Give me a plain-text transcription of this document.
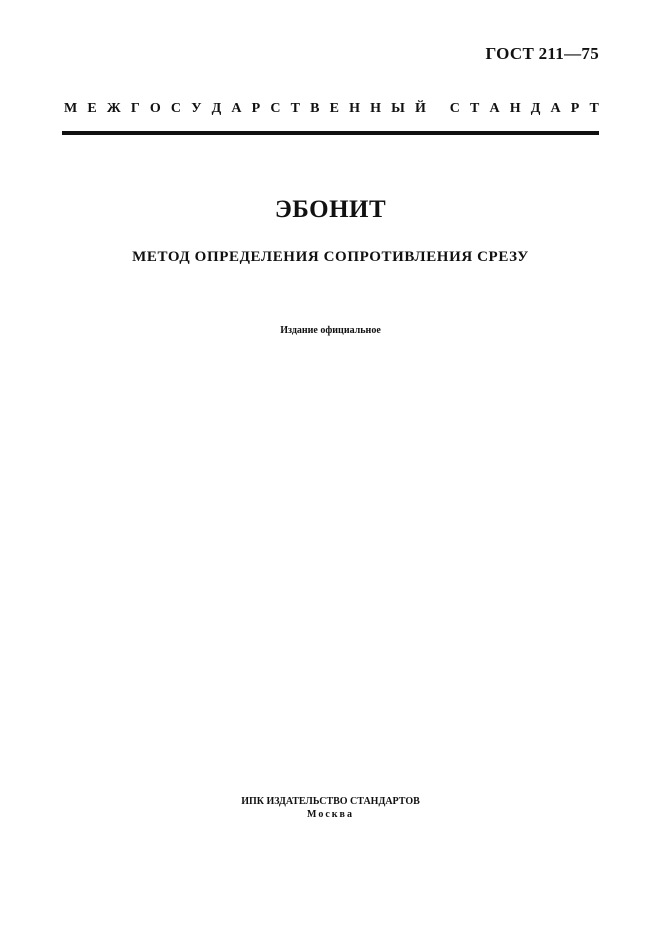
ГОСТ 211—75
М Е Ж Г О С У Д А Р С Т В Е Н Н Ы Й
С Т А Н Д А Р Т
ЭБОНИТ
МЕТОД ОПРЕДЕЛЕНИЯ СОПРОТИВЛЕНИЯ СРЕЗУ
Издание официальное
ИПК ИЗДАТЕЛЬСТВО СТАНДАРТОВ
Москва
